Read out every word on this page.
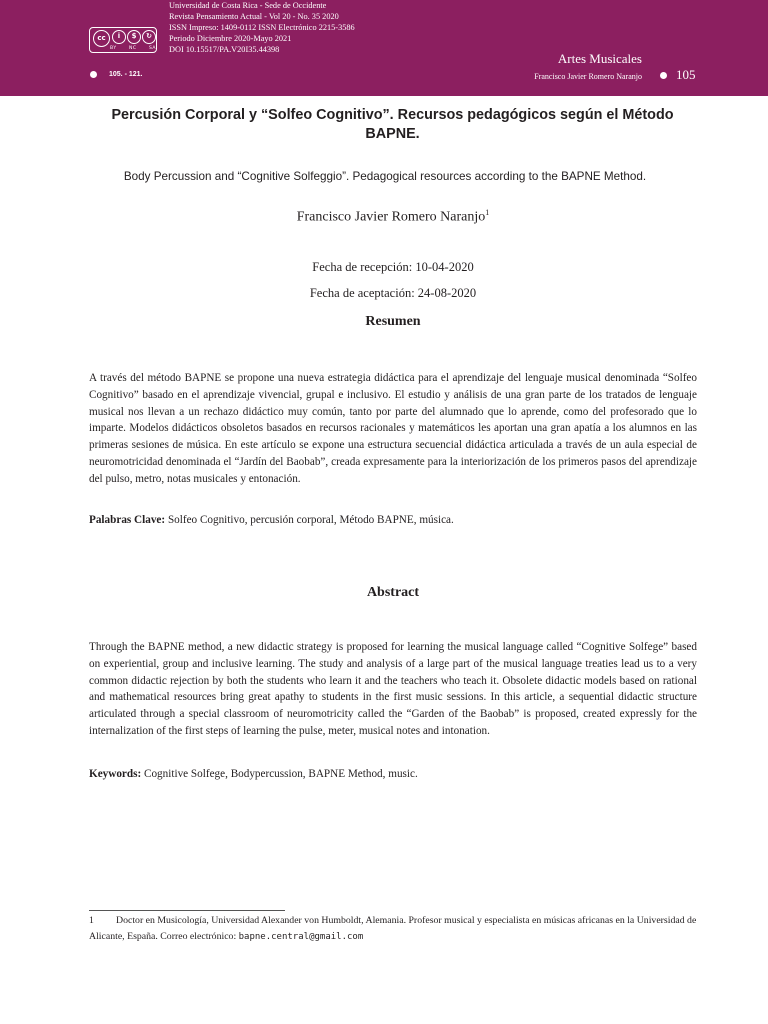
cc	i	$	↻
BY	NC	SA
Universidad de Costa Rica - Sede de Occidente
Revista Pensamiento Actual - Vol 20 - No. 35 2020
ISSN Impreso: 1409-0112 ISSN Electrónico 2215-3586
Periodo Diciembre 2020-Mayo 2021
DOI 10.15517/PA.V20I35.44398
105. - 121.
Artes Musicales
Francisco Javier Romero Naranjo	105
Percusión Corporal y “Solfeo Cognitivo”. Recursos pedagógicos según el Método BAPNE.
Body Percussion and “Cognitive Solfeggio”. Pedagogical resources according to the BAPNE Method.
Francisco Javier Romero Naranjo$^1$
Fecha de recepción: 10-04-2020
Fecha de aceptación: 24-08-2020
Resumen
A través del método BAPNE se propone una nueva estrategia didáctica para el aprendizaje del lenguaje musical denominada “Solfeo Cognitivo” basado en el aprendizaje vivencial, grupal e inclusivo. El estudio y análisis de una gran parte de los tratados de lenguaje musical nos llevan a un rechazo didáctico muy común, tanto por parte del alumnado que lo aprende, como del profesorado que lo imparte. Modelos didácticos obsoletos basados en recursos racionales y matemáticos les aportan una gran apatía a los alumnos en las primeras sesiones de música. En este artículo se expone una estructura secuencial didáctica articulada a través de un aula especial de neuromotricidad denominada el “Jardín del Baobab”, creada expresamente para la interiorización de los primeros pasos del aprendizaje del pulso, metro, notas musicales y entonación.
Palabras Clave: Solfeo Cognitivo, percusión corporal, Método BAPNE, música.
Abstract
Through the BAPNE method, a new didactic strategy is proposed for learning the musical language called “Cognitive Solfege” based on experiential, group and inclusive learning. The study and analysis of a large part of the musical language treaties lead us to a very common didactic rejection by both the students who learn it and the teachers who teach it. Obsolete didactic models based on rational and mathematical resources bring great apathy to students in the first music sessions. In this article, a sequential didactic structure articulated through a special classroom of neuromotricity called the “Garden of the Baobab” is proposed, created expressly for the internalization of the first steps of learning the pulse, meter, musical notes and intonation.
Keywords: Cognitive Solfege, Bodypercussion, BAPNE Method, music.
1 Doctor en Musicología, Universidad Alexander von Humboldt, Alemania. Profesor musical y especialista en músicas africanas en la Universidad de Alicante, España. Correo electrónico: bapne.central@gmail.com
